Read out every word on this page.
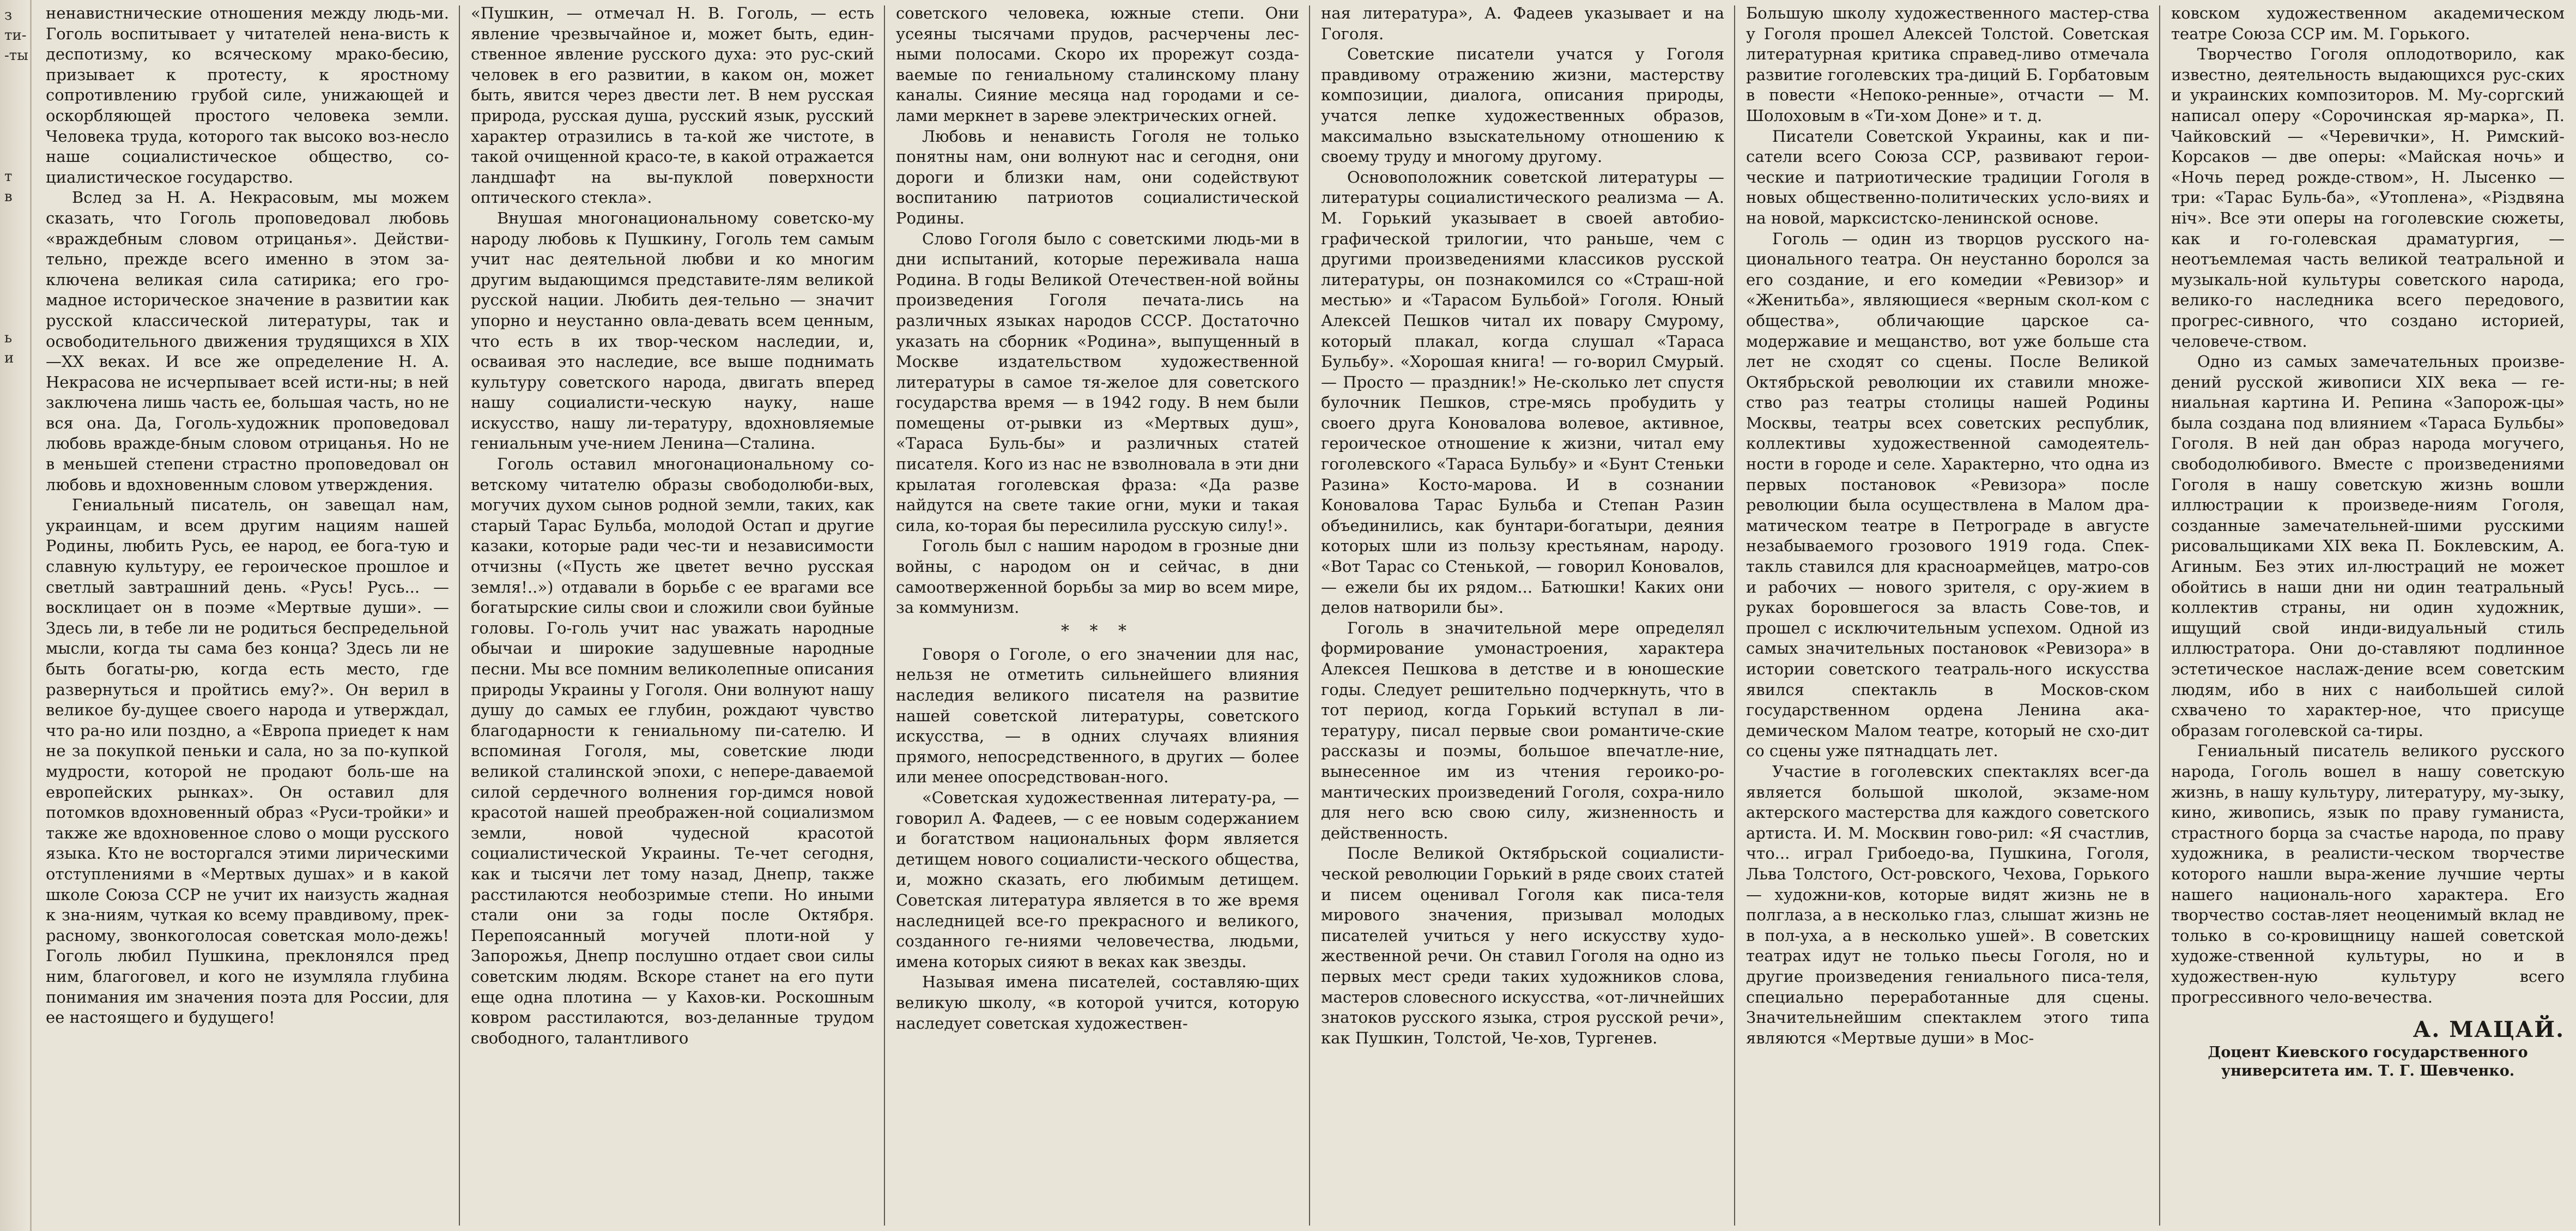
з
ти-
-ты

т
в

ь
и

ненавистнические отношения между людь-ми. Гоголь воспитывает у читателей нена-висть к деспотизму, ко всяческому мрако-бесию, призывает к протесту, к яростному сопротивлению грубой силе, унижающей и оскорбляющей простого человека земли. Человека труда, которого так высоко воз-несло наше социалистическое общество, со-циалистическое государство.

Вслед за Н. А. Некрасовым, мы можем сказать, что Гоголь проповедовал любовь «враждебным словом отрицанья». Действи-тельно, прежде всего именно в этом за-ключена великая сила сатирика; его гро-мадное историческое значение в развитии как русской классической литературы, так и освободительного движения трудящихся в XIX—XX веках. И все же определение Н. А. Некрасова не исчерпывает всей исти-ны; в ней заключена лишь часть ее, большая часть, но не вся она. Да, Гоголь-художник проповедовал любовь вражде-бным словом отрицанья. Но не в меньшей степени страстно проповедовал он любовь и вдохновенным словом утверждения.

Гениальный писатель, он завещал нам, украинцам, и всем другим нациям нашей Родины, любить Русь, ее народ, ее бога-тую и славную культуру, ее героическое прошлое и светлый завтрашний день. «Русь! Русь... — восклицает он в поэме «Мертвые души». — Здесь ли, в тебе ли не родиться беспредельной мысли, когда ты сама без конца? Здесь ли не быть богаты-рю, когда есть место, где развернуться и пройтись ему?». Он верил в великое бу-дущее своего народа и утверждал, что ра-но или поздно, а «Европа приедет к нам не за покупкой пеньки и сала, но за по-купкой мудрости, которой не продают боль-ше на европейских рынках». Он оставил для потомков вдохновенный образ «Руси-тройки» и также же вдохновенное слово о мощи русского языка. Кто не восторгался этими лирическими отступлениями в «Мертвых душах» и в какой школе Союза ССР не учит их наизусть жадная к зна-ниям, чуткая ко всему правдивому, прек-расному, звонкоголосая советская моло-дежь! Гоголь любил Пушкина, преклонялся пред ним, благоговел, и кого не изумляла глубина понимания им значения поэта для России, для ее настоящего и будущего!

«Пушкин, — отмечал Н. В. Гоголь, — есть явление чрезвычайное и, может быть, един-ственное явление русского духа: это рус-ский человек в его развитии, в каком он, может быть, явится через двести лет. В нем русская природа, русская душа, русский язык, русский характер отразились в та-кой же чистоте, в такой очищенной красо-те, в какой отражается ландшафт на вы-пуклой поверхности оптического стекла».

Внушая многонациональному советско-му народу любовь к Пушкину, Гоголь тем самым учит нас деятельной любви и ко многим другим выдающимся представите-лям великой русской нации. Любить дея-тельно — значит упорно и неустанно овла-девать всем ценным, что есть в их твор-ческом наследии, и, осваивая это наследие, все выше поднимать культуру советского народа, двигать вперед нашу социалисти-ческую науку, наше искусство, нашу ли-тературу, вдохновляемые гениальным уче-нием Ленина—Сталина.

Гоголь оставил многонациональному со-ветскому читателю образы свободолюби-вых, могучих духом сынов родной земли, таких, как старый Тарас Бульба, молодой Остап и другие казаки, которые ради чес-ти и независимости отчизны («Пусть же цветет вечно русская земля!..») отдавали в борьбе с ее врагами все богатырские силы свои и сложили свои буйные головы. Го-голь учит нас уважать народные обычаи и широкие задушевные народные песни. Мы все помним великолепные описания природы Украины у Гоголя. Они волнуют нашу душу до самых ее глубин, рождают чувство благодарности к гениальному пи-сателю. И вспоминая Гоголя, мы, советские люди великой сталинской эпохи, с непере-даваемой силой сердечного волнения гор-димся новой красотой нашей преображен-ной социализмом земли, новой чудесной красотой социалистической Украины. Те-чет сегодня, как и тысячи лет тому назад, Днепр, также расстилаются необозримые степи. Но иными стали они за годы после Октября. Перепоясанный могучей плоти-ной у Запорожья, Днепр послушно отдает свои силы советским людям. Вскоре станет на его пути еще одна плотина — у Кахов-ки. Роскошным ковром расстилаются, воз-деланные трудом свободного, талантливого

советского человека, южные степи. Они усеяны тысячами прудов, расчерчены лес-ными полосами. Скоро их прорежут созда-ваемые по гениальному сталинскому плану каналы. Сияние месяца над городами и се-лами меркнет в зареве электрических огней.

Любовь и ненависть Гоголя не только понятны нам, они волнуют нас и сегодня, они дороги и близки нам, они содействуют воспитанию патриотов социалистической Родины.

Слово Гоголя было с советскими людь-ми в дни испытаний, которые переживала наша Родина. В годы Великой Отечествен-ной войны произведения Гоголя печата-лись на различных языках народов СССР. Достаточно указать на сборник «Родина», выпущенный в Москве издательством художественной литературы в самое тя-желое для советского государства время — в 1942 году. В нем были помещены от-рывки из «Мертвых душ», «Тараса Буль-бы» и различных статей писателя. Кого из нас не взволновала в эти дни крылатая гоголевская фраза: «Да разве найдутся на свете такие огни, муки и такая сила, ко-торая бы пересилила русскую силу!».

Гоголь был с нашим народом в грозные дни войны, с народом он и сейчас, в дни самоотверженной борьбы за мир во всем мире, за коммунизм.

* * *

Говоря о Гоголе, о его значении для нас, нельзя не отметить сильнейшего влияния наследия великого писателя на развитие нашей советской литературы, советского искусства, — в одних случаях влияния прямого, непосредственного, в других — более или менее опосредствован-ного.

«Советская художественная литерату-ра, — говорил А. Фадеев, — с ее новым содержанием и богатством национальных форм является детищем нового социалисти-ческого общества, и, можно сказать, его любимым детищем. Советская литература является в то же время наследницей все-го прекрасного и великого, созданного ге-ниями человечества, людьми, имена которых сияют в веках как звезды.

Называя имена писателей, составляю-щих великую школу, «в которой учится, которую наследует советская художествен-

ная литература», А. Фадеев указывает и на Гоголя.

Советские писатели учатся у Гоголя правдивому отражению жизни, мастерству композиции, диалога, описания природы, учатся лепке художественных образов, максимально взыскательному отношению к своему труду и многому другому.

Основоположник советской литературы — литературы социалистического реализма — А. М. Горький указывает в своей автобио-графической трилогии, что раньше, чем с другими произведениями классиков русской литературы, он познакомился со «Страш-ной местью» и «Тарасом Бульбой» Гоголя. Юный Алексей Пешков читал их повару Смурому, который плакал, когда слушал «Тараса Бульбу». «Хорошая книга! — го-ворил Смурый. — Просто — праздник!» Не-сколько лет спустя булочник Пешков, стре-мясь пробудить у своего друга Коновалова волевое, активное, героическое отношение к жизни, читал ему гоголевского «Тараса Бульбу» и «Бунт Стеньки Разина» Косто-марова. И в сознании Коновалова Тарас Бульба и Степан Разин объединились, как бунтари-богатыри, деяния которых шли из пользу крестьянам, народу. «Вот Тарас со Стенькой, — говорил Коновалов, — ежели бы их рядом... Батюшки! Каких они делов натворили бы».

Гоголь в значительной мере определял формирование умонастроения, характера Алексея Пешкова в детстве и в юношеские годы. Следует решительно подчеркнуть, что в тот период, когда Горький вступал в ли-тературу, писал первые свои романтиче-ские рассказы и поэмы, большое впечатле-ние, вынесенное им из чтения героико-ро-мантических произведений Гоголя, сохра-нило для него всю свою силу, жизненность и действенность.

После Великой Октябрьской социалисти-ческой революции Горький в ряде своих статей и писем оценивал Гоголя как писа-теля мирового значения, призывал молодых писателей учиться у него искусству худо-жественной речи. Он ставил Гоголя на одно из первых мест среди таких художников слова, мастеров словесного искусства, «от-личнейших знатоков русского языка, строя русской речи», как Пушкин, Толстой, Че-хов, Тургенев.

Большую школу художественного мастер-ства у Гоголя прошел Алексей Толстой. Советская литературная критика справед-ливо отмечала развитие гоголевских тра-диций Б. Горбатовым в повести «Непоко-ренные», отчасти — М. Шолоховым в «Ти-хом Доне» и т. д.

Писатели Советской Украины, как и пи-сатели всего Союза ССР, развивают герои-ческие и патриотические традиции Гоголя в новых общественно-политических усло-виях и на новой, марксистско-ленинской основе.

Гоголь — один из творцов русского на-ционального театра. Он неустанно боролся за его создание, и его комедии «Ревизор» и «Женитьба», являющиеся «верным скол-ком с общества», обличающие царское са-модержавие и мещанство, вот уже больше ста лет не сходят со сцены. После Великой Октябрьской революции их ставили множе-ство раз театры столицы нашей Родины Москвы, театры всех советских республик, коллективы художественной самодеятель-ности в городе и селе. Характерно, что одна из первых постановок «Ревизора» после революции была осуществлена в Малом дра-матическом театре в Петрограде в августе незабываемого грозового 1919 года. Спек-такль ставился для красноармейцев, матро-сов и рабочих — нового зрителя, с ору-жием в руках боровшегося за власть Сове-тов, и прошел с исключительным успехом. Одной из самых значительных постановок «Ревизора» в истории советского театраль-ного искусства явился спектакль в Москов-ском государственном ордена Ленина ака-демическом Малом театре, который не схо-дит со сцены уже пятнадцать лет.

Участие в гоголевских спектаклях всег-да является большой школой, экзаме-ном актерского мастерства для каждого советского артиста. И. М. Москвин гово-рил: «Я счастлив, что... играл Грибоедо-ва, Пушкина, Гоголя, Льва Толстого, Ост-ровского, Чехова, Горького — художни-ков, которые видят жизнь не в полглаза, а в несколько глаз, слышат жизнь не в пол-уха, а в несколько ушей». В советских театрах идут не только пьесы Гоголя, но и другие произведения гениального писа-теля, специально переработанные для сцены. Значительнейшим спектаклем этого типа являются «Мертвые души» в Мос-

ковском художественном академическом театре Союза ССР им. М. Горького.

Творчество Гоголя оплодотворило, как известно, деятельность выдающихся рус-ских и украинских композиторов. М. Му-соргский написал оперу «Сорочинская яр-марка», П. Чайковский — «Черевички», Н. Римский-Корсаков — две оперы: «Майская ночь» и «Ночь перед рожде-ством», Н. Лысенко — три: «Тарас Буль-ба», «Утоплена», «Рiздвяна нiч». Все эти оперы на гоголевские сюжеты, как и го-голевская драматургия, — неотъемлемая часть великой театральной и музыкаль-ной культуры советского народа, велико-го наследника всего передового, прогрес-сивного, что создано историей, человече-ством.

Одно из самых замечательных произве-дений русской живописи XIX века — ге-ниальная картина И. Репина «Запорож-цы» была создана под влиянием «Тараса Бульбы» Гоголя. В ней дан образ народа могучего, свободолюбивого. Вместе с произведениями Гоголя в нашу советскую жизнь вошли иллюстрации к произведе-ниям Гоголя, созданные замечательней-шими русскими рисовальщиками XIX века П. Боклевским, А. Агиным. Без этих ил-люстраций не может обойтись в наши дни ни один театральный коллектив страны, ни один художник, ищущий свой инди-видуальный стиль иллюстратора. Они до-ставляют подлинное эстетическое наслаж-дение всем советским людям, ибо в них с наибольшей силой схвачено то характер-ное, что присуще образам гоголевской са-тиры.

Гениальный писатель великого русского народа, Гоголь вошел в нашу советскую жизнь, в нашу культуру, литературу, му-зыку, кино, живопись, язык по праву гуманиста, страстного борца за счастье народа, по праву художника, в реалисти-ческом творчестве которого нашли выра-жение лучшие черты нашего националь-ного характера. Его творчество состав-ляет неоценимый вклад не только в со-кровищницу нашей советской художе-ственной культуры, но и в художествен-ную культуру всего прогрессивного чело-вечества.

А. МАЦАЙ.
Доцент Киевского государственного
университета им. Т. Г. Шевченко.
